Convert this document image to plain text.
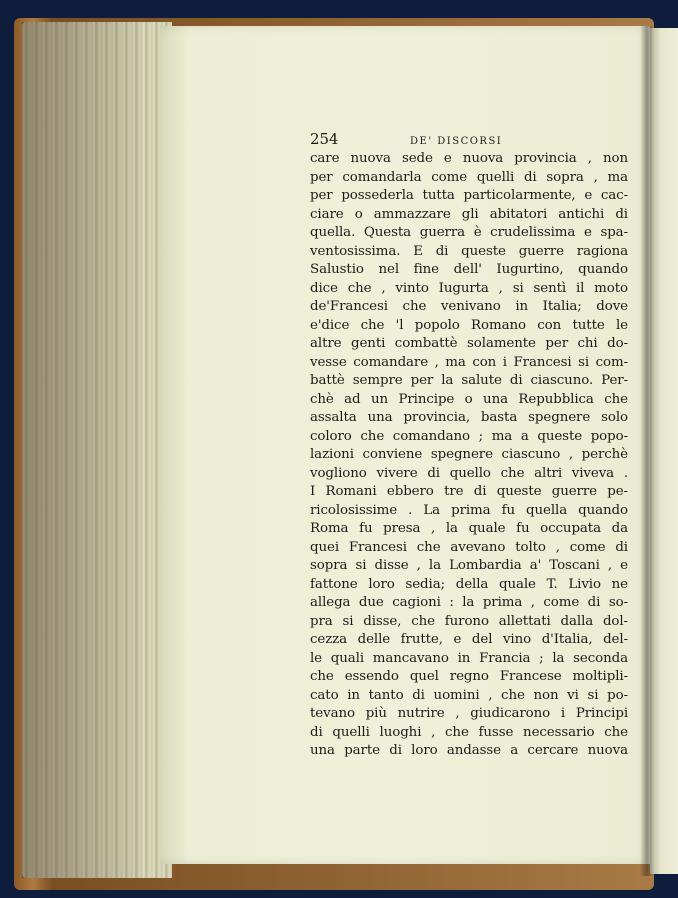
254	DE' DISCORSI
care nuova sede e nuova provincia , non
per comandarla come quelli di sopra , ma
per possederla tutta particolarmente, e cac-
ciare o ammazzare gli abitatori antichi di
quella. Questa guerra è crudelissima e spa-
ventosissima. E di queste guerre ragiona
Salustio nel fine dell' Iugurtino, quando
dice che , vinto Iugurta , si sentì il moto
de'Francesi che venivano in Italia; dove
e'dice che 'l popolo Romano con tutte le
altre genti combattè solamente per chi do-
vesse comandare , ma con i Francesi si com-
battè sempre per la salute di ciascuno. Per-
chè ad un Principe o una Repubblica che
assalta una provincia, basta spegnere solo
coloro che comandano ; ma a queste popo-
lazioni conviene spegnere ciascuno , perchè
vogliono vivere di quello che altri viveva .
I Romani ebbero tre di queste guerre pe-
ricolosissime . La prima fu quella quando
Roma fu presa , la quale fu occupata da
quei Francesi che avevano tolto , come di
sopra si disse , la Lombardia a' Toscani , e
fattone loro sedia; della quale T. Livio ne
allega due cagioni : la prima , come di so-
pra si disse, che furono allettati dalla dol-
cezza delle frutte, e del vino d'Italia, del-
le quali mancavano in Francia ; la seconda
che essendo quel regno Francese moltipli-
cato in tanto di uomini , che non vi si po-
tevano più nutrire , giudicarono i Principi
di quelli luoghi , che fusse necessario che
una parte di loro andasse a cercare nuova
